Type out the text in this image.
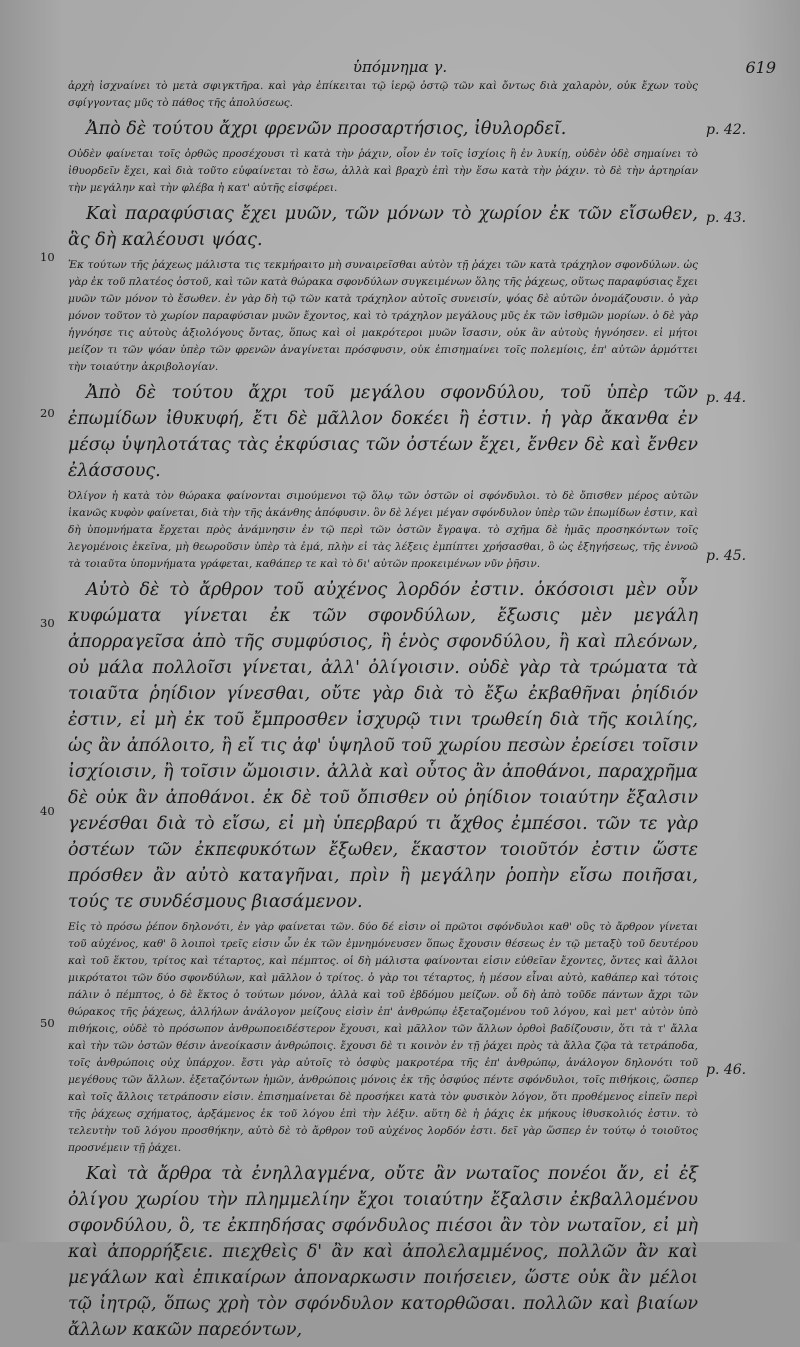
ὑπόμνημα γ.	619
10
20
30
40
50
p. 42.
p. 43.
p. 44.
p. 45.
p. 46.

ἀρχὴ ἰσχναίνει τὸ μετὰ σφιγκτῆρα. καὶ γὰρ ἐπίκειται τῷ ἱερῷ ὀστῷ τῶν καὶ ὄντως διὰ χαλαρὸν, οὐκ ἔχων τοὺς σφίγγοντας μῦς τὸ πάθος τῆς ἀπολύσεως.

Ἀπὸ δὲ τούτου ἄχρι φρενῶν προσαρτήσιος, ἰθυλορδεῖ.

Οὐδὲν φαίνεται τοῖς ὀρθῶς προσέχουσι τὶ κατὰ τὴν ῥάχιν, οἷον ἐν τοῖς ἰσχίοις ἢ ἐν λυκίῃ, οὐδὲν ὁδὲ σημαίνει τὸ ἰθυορδεῖν ἔχει, καὶ διὰ τοῦτο εὐφαίνεται τὸ ἔσω, ἀλλὰ καὶ βραχὺ ἐπὶ τὴν ἕσω κατὰ τὴν ῥάχιν. τὸ δὲ τὴν ἀρτηρίαν τὴν μεγάλην καὶ τὴν φλέβα ἡ κατ' αὐτῆς εἰσφέρει.

Καὶ παραφύσιας ἔχει μυῶν, τῶν μόνων τὸ χωρίον ἐκ τῶν εἴσωθεν, ἃς δὴ καλέουσι ψόας.

Ἐκ τούτων τῆς ῥάχεως μάλιστα τις τεκμήραιτο μὴ συναιρεῖσθαι αὐτὸν τῇ ῥάχει τῶν κατὰ τράχηλον σφονδύλων. ὡς γὰρ ἐκ τοῦ πλατέος ὀστοῦ, καὶ τῶν κατὰ θώρακα σφονδύλων συγκειμένων ὅλης τῆς ῥάχεως, οὕτως παραφύσιας ἔχει μυῶν τῶν μόνον τὸ ἔσωθεν. ἐν γὰρ δὴ τῷ τῶν κατὰ τράχηλον αὐτοῖς συνεισίν, ψόας δὲ αὐτῶν ὀνομάζουσιν. ὁ γὰρ μόνον τοῦτον τὸ χωρίον παραφύσιαν μυῶν ἔχοντος, καὶ τὸ τράχηλον μεγάλους μῦς ἐκ τῶν ἰσθμῶν μορίων. ὁ δὲ γὰρ ἠγνόησε τις αὐτοὺς ἀξιολόγους ὄντας, ὅπως καὶ οἱ μακρότεροι μυῶν ἴσασιν, οὐκ ἂν αὐτοὺς ἠγνόησεν. εἰ μήτοι μείζον τι τῶν ψόαν ὑπὲρ τῶν φρενῶν ἀναγίνεται πρόσφυσιν, οὐκ ἐπισημαίνει τοῖς πολεμίοις, ἐπ' αὐτῶν ἁρμόττει τὴν τοιαύτην ἀκριβολογίαν.

Ἀπὸ δὲ τούτου ἄχρι τοῦ μεγάλου σφονδύλου, τοῦ ὑπὲρ τῶν ἐπωμίδων ἰθυκυφή, ἔτι δὲ μᾶλλον δοκέει ἢ ἐστιν. ἡ γὰρ ἄκανθα ἐν μέσῳ ὑψηλοτάτας τὰς ἐκφύσιας τῶν ὀστέων ἔχει, ἔνθεν δὲ καὶ ἔνθεν ἐλάσσους.

Ὀλίγον ἡ κατὰ τὸν θώρακα φαίνονται σιμούμενοι τῷ ὅλῳ τῶν ὀστῶν οἱ σφόνδυλοι. τὸ δὲ ὄπισθεν μέρος αὐτῶν ἱκανῶς κυφὸν φαίνεται, διὰ τὴν τῆς ἀκάνθης ἀπόφυσιν. ὃν δὲ λέγει μέγαν σφόνδυλον ὑπὲρ τῶν ἐπωμίδων ἐστιν, καὶ δὴ ὑπομνήματα ἔρχεται πρὸς ἀνάμνησιν ἐν τῷ περὶ τῶν ὀστῶν ἔγραψα. τὸ σχῆμα δὲ ἡμᾶς προσηκόντων τοῖς λεγομένοις ἐκεῖνα, μὴ θεωροῦσιν ὑπὲρ τὰ ἐμά, πλὴν εἰ τὰς λέξεις ἐμπίπτει χρήσασθαι, ὃ ὡς ἐξηγήσεως, τῆς ἐννοῶ τὰ τοιαῦτα ὑπομνήματα γράφεται, καθάπερ τε καὶ τὸ δι' αὐτῶν προκειμένων νῦν ῥῆσιν.

Αὐτὸ δὲ τὸ ἄρθρον τοῦ αὐχένος λορδόν ἐστιν. ὁκόσοισι μὲν οὖν κυφώματα γίνεται ἐκ τῶν σφονδύλων, ἔξωσις μὲν μεγάλη ἀπορραγεῖσα ἀπὸ τῆς συμφύσιος, ἢ ἑνὸς σφονδύλου, ἢ καὶ πλεόνων, οὐ μάλα πολλοῖσι γίνεται, ἀλλ' ὀλίγοισιν. οὐδὲ γὰρ τὰ τρώματα τὰ τοιαῦτα ῥηίδιον γίνεσθαι, οὔτε γὰρ διὰ τὸ ἔξω ἐκβαθῆναι ῥηίδιόν ἐστιν, εἰ μὴ ἐκ τοῦ ἔμπροσθεν ἰσχυρῷ τινι τρωθείη διὰ τῆς κοιλίης, ὡς ἂν ἀπόλοιτο, ἢ εἴ τις ἀφ' ὑψηλοῦ τοῦ χωρίου πεσὼν ἐρείσει τοῖσιν ἰσχίοισιν, ἢ τοῖσιν ὤμοισιν. ἀλλὰ καὶ οὗτος ἂν ἀποθάνοι, παραχρῆμα δὲ οὐκ ἂν ἀποθάνοι. ἐκ δὲ τοῦ ὄπισθεν οὐ ῥηίδιον τοιαύτην ἔξαλσιν γενέσθαι διὰ τὸ εἴσω, εἰ μὴ ὑπερβαρύ τι ἄχθος ἐμπέσοι. τῶν τε γὰρ ὀστέων τῶν ἐκπεφυκότων ἔξωθεν, ἕκαστον τοιοῦτόν ἐστιν ὥστε πρόσθεν ἂν αὐτὸ καταγῆναι, πρὶν ἢ μεγάλην ῥοπὴν εἴσω ποιῆσαι, τούς τε συνδέσμους βιασάμενον.

Εἰς τὸ πρόσω ῥέπον δηλονότι, ἐν γὰρ φαίνεται τῶν. δύο δέ εἰσιν οἱ πρῶτοι σφόνδυλοι καθ' οὓς τὸ ἄρθρον γίνεται τοῦ αὐχένος, καθ' ὃ λοιποὶ τρεῖς εἰσιν ὧν ἐκ τῶν ἐμνημόνευσεν ὅπως ἔχουσιν θέσεως ἐν τῷ μεταξὺ τοῦ δευτέρου καὶ τοῦ ἕκτου, τρίτος καὶ τέταρτος, καὶ πέμπτος. οἱ δὴ μάλιστα φαίνονται εἰσιν εὐθεῖαν ἔχοντες, ὄντες καὶ ἄλλοι μικρότατοι τῶν δύο σφονδύλων, καὶ μᾶλλον ὁ τρίτος. ὁ γὰρ τοι τέταρτος, ἡ μέσον εἶναι αὐτὸ, καθάπερ καὶ τότοις πάλιν ὁ πέμπτος, ὁ δὲ ἕκτος ὁ τούτων μόνον, ἀλλὰ καὶ τοῦ ἑβδόμου μείζων. οὗ δὴ ἀπὸ τοῦδε πάντων ἄχρι τῶν θώρακος τῆς ῥάχεως, ἀλλήλων ἀνάλογον μείζους εἰσὶν ἐπ' ἀνθρώπῳ ἐξεταζομένου τοῦ λόγου, καὶ μετ' αὐτὸν ὑπὸ πιθήκοις, οὐδὲ τὸ πρόσωπον ἀνθρωποειδέστερον ἔχουσι, καὶ μᾶλλον τῶν ἄλλων ὀρθοὶ βαδίζουσιν, ὅτι τὰ τ' ἄλλα καὶ τὴν τῶν ὀστῶν θέσιν ἀνεοίκασιν ἀνθρώποις. ἔχουσι δὲ τι κοινὸν ἐν τῇ ῥάχει πρὸς τὰ ἄλλα ζῷα τὰ τετράποδα, τοῖς ἀνθρώποις οὐχ ὑπάρχον. ἔστι γὰρ αὐτοῖς τὸ ὀσφὺς μακροτέρα τῆς ἐπ' ἀνθρώπῳ, ἀνάλογον δηλονότι τοῦ μεγέθους τῶν ἄλλων. ἐξεταζόντων ἡμῶν, ἀνθρώποις μόνοις ἐκ τῆς ὀσφύος πέντε σφόνδυλοι, τοῖς πιθήκοις, ὥσπερ καὶ τοῖς ἄλλοις τετράποσιν εἰσιν. ἐπισημαίνεται δὲ προσήκει κατὰ τὸν φυσικὸν λόγον, ὅτι προθέμενος εἰπεῖν περὶ τῆς ῥάχεως σχήματος, ἀρξάμενος ἐκ τοῦ λόγου ἐπὶ τὴν λέξιν. αὕτη δὲ ἡ ῥάχις ἐκ μήκους ἰθυσκολιός ἐστιν. τὸ τελευτὴν τοῦ λόγου προσθήκην, αὐτὸ δὲ τὸ ἄρθρον τοῦ αὐχένος λορδόν ἐστι. δεῖ γὰρ ὥσπερ ἐν τούτῳ ὁ τοιοῦτος προσνέμειν τῇ ῥάχει.

Καὶ τὰ ἄρθρα τὰ ἐνηλλαγμένα, οὔτε ἂν νωταῖος πονέοι ἄν, εἰ ἐξ ὀλίγου χωρίου τὴν πλημμελίην ἔχοι τοιαύτην ἔξαλσιν ἐκβαλλομένου σφονδύλου, ὃ, τε ἐκπηδήσας σφόνδυλος πιέσοι ἂν τὸν νωταῖον, εἰ μὴ καὶ ἀπορρήξειε. πιεχθεὶς δ' ἂν καὶ ἀπολελαμμένος, πολλῶν ἂν καὶ μεγάλων καὶ ἐπικαίρων ἀποναρκωσιν ποιήσειεν, ὥστε οὐκ ἂν μέλοι τῷ ἰητρῷ, ὅπως χρὴ τὸν σφόνδυλον κατορθῶσαι. πολλῶν καὶ βιαίων ἄλλων κακῶν παρεόντων,
